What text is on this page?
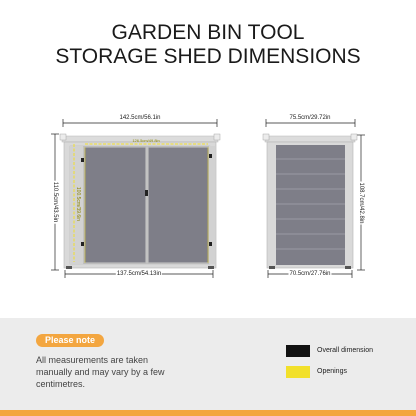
GARDEN BIN TOOL
STORAGE SHED DIMENSIONS
142.5cm/56.1in
110.5cm/43.5in
137.5cm/54.13in
126.5cm/49.8in
100.5cm/39.6in
75.5cm/29.72in
108.7cm/42.8in
70.5cm/27.76in
Please note
All measurements are taken manually and may vary by a few centimetres.
Overall dimension
Openings
